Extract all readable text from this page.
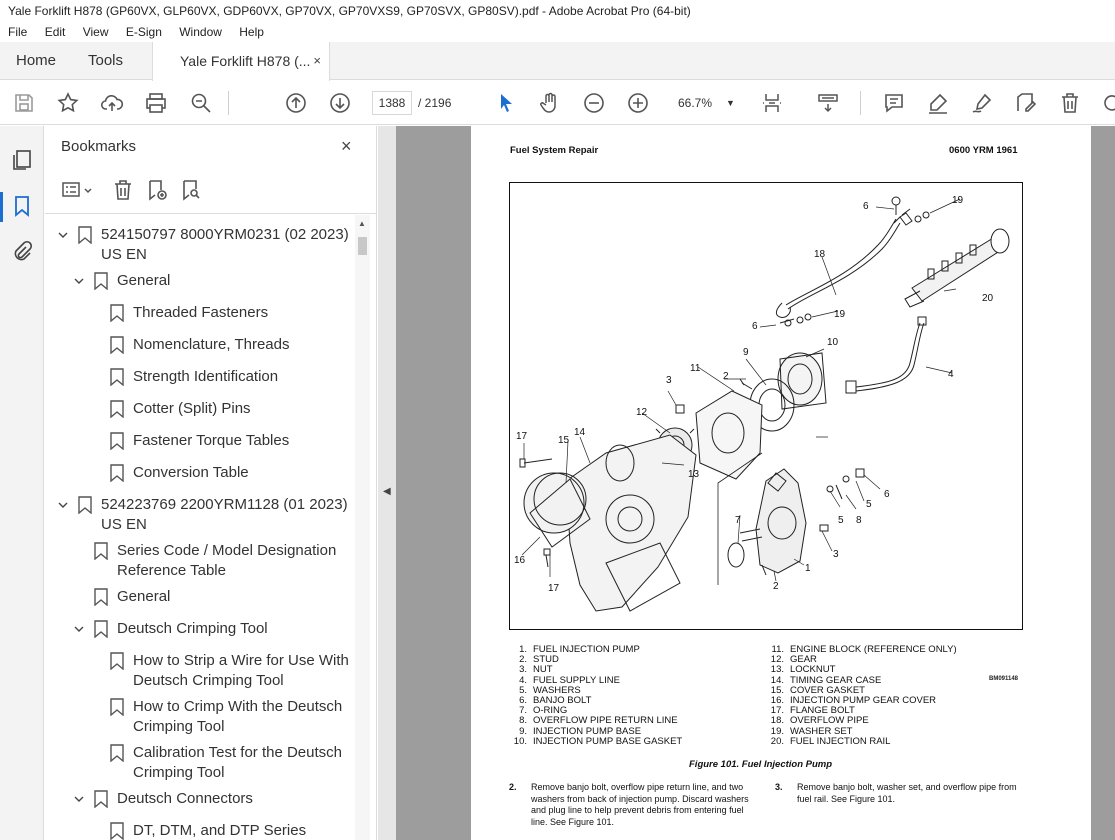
Yale Forklift H878 (GP60VX, GLP60VX, GDP60VX, GP70VX, GP70VXS9, GP70SVX, GP80SV).pdf - Adobe Acrobat Pro (64-bit)
File Edit View E-Sign Window Help
Home Tools	Yale Forklift H878 (... ×
1388	/ 2196	66.7% ▼
Bookmarks	×
524150797 8000YRM0231 (02 2023) US EN
General
Threaded Fasteners
Nomenclature, Threads
Strength Identification
Cotter (Split) Pins
Fastener Torque Tables
Conversion Table
524223769 2200YRM1128 (01 2023) US EN
Series Code / Model Designation Reference Table
General
Deutsch Crimping Tool
How to Strip a Wire for Use With Deutsch Crimping Tool
How to Crimp With the Deutsch Crimping Tool
Calibration Test for the Deutsch Crimping Tool
Deutsch Connectors
DT, DTM, and DTP Series
▲
◀
Fuel System Repair	0600 YRM 1961
1
2
2
3
3
4
5
5
6
6
6
7	8
9
10
11
12
13
14
15
16
17
17
18
19
19
20
BM091148
1. FUEL INJECTION PUMP
2. STUD
3. NUT
4. FUEL SUPPLY LINE
5. WASHERS
6. BANJO BOLT
7. O-RING
8. OVERFLOW PIPE RETURN LINE
9. INJECTION PUMP BASE
10. INJECTION PUMP BASE GASKET
11. ENGINE BLOCK (REFERENCE ONLY)
12. GEAR
13. LOCKNUT
14. TIMING GEAR CASE
15. COVER GASKET
16. INJECTION PUMP GEAR COVER
17. FLANGE BOLT
18. OVERFLOW PIPE
19. WASHER SET
20. FUEL INJECTION RAIL
Figure 101. Fuel Injection Pump
2. Remove banjo bolt, overflow pipe return line, and two washers from back of injection pump. Discard washers and plug line to help prevent debris from entering fuel line. See Figure 101.
3. Remove banjo bolt, washer set, and overflow pipe from fuel rail. See Figure 101.
